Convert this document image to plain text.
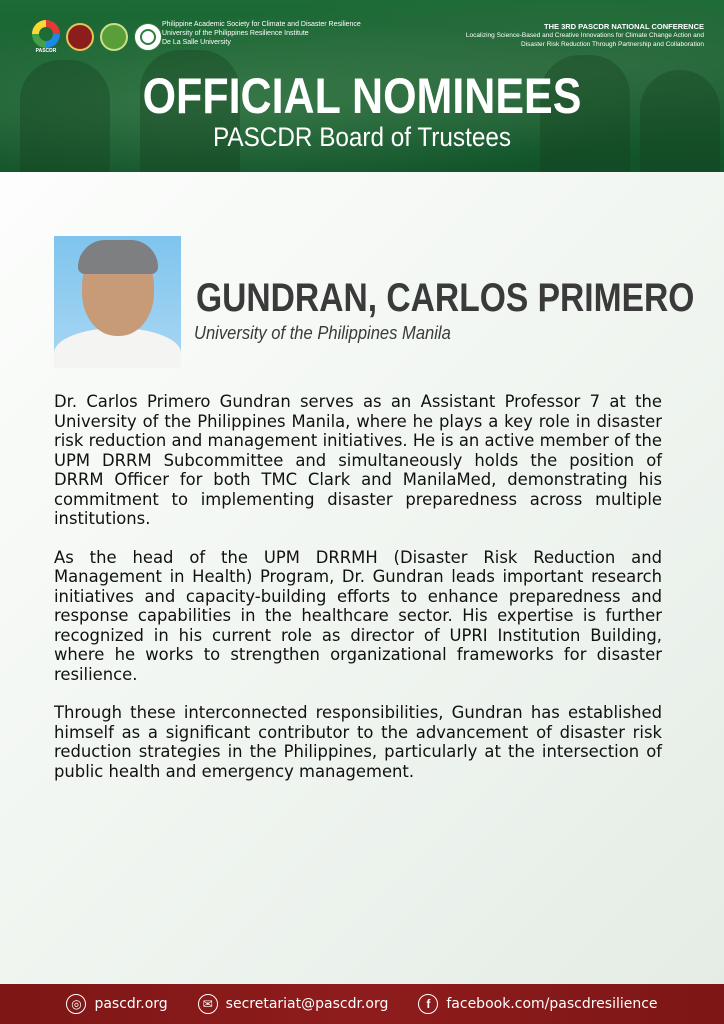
PASCDR
Philippine Academic Society for Climate and Disaster Resilience
University of the Philippines Resilience Institute
De La Salle University
THE 3RD PASCDR NATIONAL CONFERENCE
Localizing Science-Based and Creative Innovations for Climate Change Action and
Disaster Risk Reduction Through Partnership and Collaboration
OFFICIAL NOMINEES
PASCDR Board of Trustees
GUNDRAN, CARLOS PRIMERO
University of the Philippines Manila

Dr. Carlos Primero Gundran serves as an Assistant Professor 7 at the University of the Philippines Manila, where he plays a key role in disaster risk reduction and management initiatives. He is an active member of the UPM DRRM Subcommittee and simultaneously holds the position of DRRM Officer for both TMC Clark and ManilaMed, demonstrating his commitment to implementing disaster preparedness across multiple institutions.

As the head of the UPM DRRMH (Disaster Risk Reduction and Management in Health) Program, Dr. Gundran leads important research initiatives and capacity-building efforts to enhance preparedness and response capabilities in the healthcare sector. His expertise is further recognized in his current role as director of UPRI Institution Building, where he works to strengthen organizational frameworks for disaster resilience.

Through these interconnected responsibilities, Gundran has established himself as a significant contributor to the advancement of disaster risk reduction strategies in the Philippines, particularly at the intersection of public health and emergency management.

◎ pascdr.org	✉ secretariat@pascdr.org	f	facebook.com/pascdresilience
